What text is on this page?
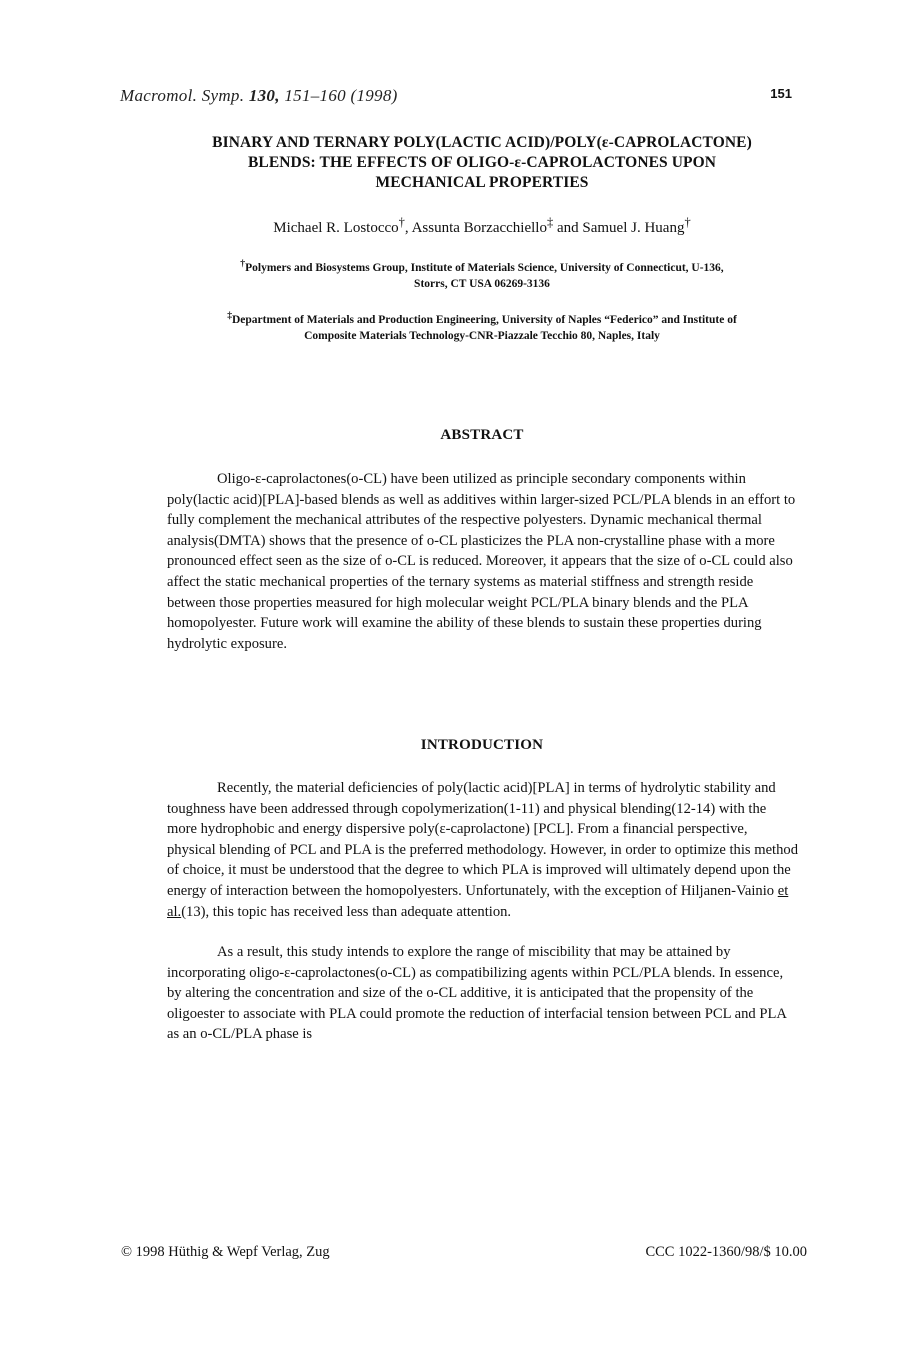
Macromol. Symp. 130, 151–160 (1998)	151
BINARY AND TERNARY POLY(LACTIC ACID)/POLY(ε-CAPROLACTONE)
BLENDS: THE EFFECTS OF OLIGO-ε-CAPROLACTONES UPON
MECHANICAL PROPERTIES
Michael R. Lostocco†, Assunta Borzacchiello‡ and Samuel J. Huang†
†Polymers and Biosystems Group, Institute of Materials Science, University of Connecticut, U-136,
Storrs, CT USA 06269-3136
‡Department of Materials and Production Engineering, University of Naples “Federico” and Institute of
Composite Materials Technology-CNR-Piazzale Tecchio 80, Naples, Italy
ABSTRACT
Oligo-ε-caprolactones(o-CL) have been utilized as principle secondary components within poly(lactic acid)[PLA]-based blends as well as additives within larger-sized PCL/PLA blends in an effort to fully complement the mechanical attributes of the respective polyesters. Dynamic mechanical thermal analysis(DMTA) shows that the presence of o-CL plasticizes the PLA non-crystalline phase with a more pronounced effect seen as the size of o-CL is reduced. Moreover, it appears that the size of o-CL could also affect the static mechanical properties of the ternary systems as material stiffness and strength reside between those properties measured for high molecular weight PCL/PLA binary blends and the PLA homopolyester. Future work will examine the ability of these blends to sustain these properties during hydrolytic exposure.
INTRODUCTION
Recently, the material deficiencies of poly(lactic acid)[PLA] in terms of hydrolytic stability and toughness have been addressed through copolymerization(1-11) and physical blending(12-14) with the more hydrophobic and energy dispersive poly(ε-caprolactone) [PCL]. From a financial perspective, physical blending of PCL and PLA is the preferred methodology. However, in order to optimize this method of choice, it must be understood that the degree to which PLA is improved will ultimately depend upon the energy of interaction between the homopolyesters. Unfortunately, with the exception of Hiljanen-Vainio et al.(13), this topic has received less than adequate attention.
As a result, this study intends to explore the range of miscibility that may be attained by incorporating oligo-ε-caprolactones(o-CL) as compatibilizing agents within PCL/PLA blends. In essence, by altering the concentration and size of the o-CL additive, it is anticipated that the propensity of the oligoester to associate with PLA could promote the reduction of interfacial tension between PCL and PLA as an o-CL/PLA phase is
© 1998 Hüthig & Wepf Verlag, Zug	CCC 1022-1360/98/$ 10.00
